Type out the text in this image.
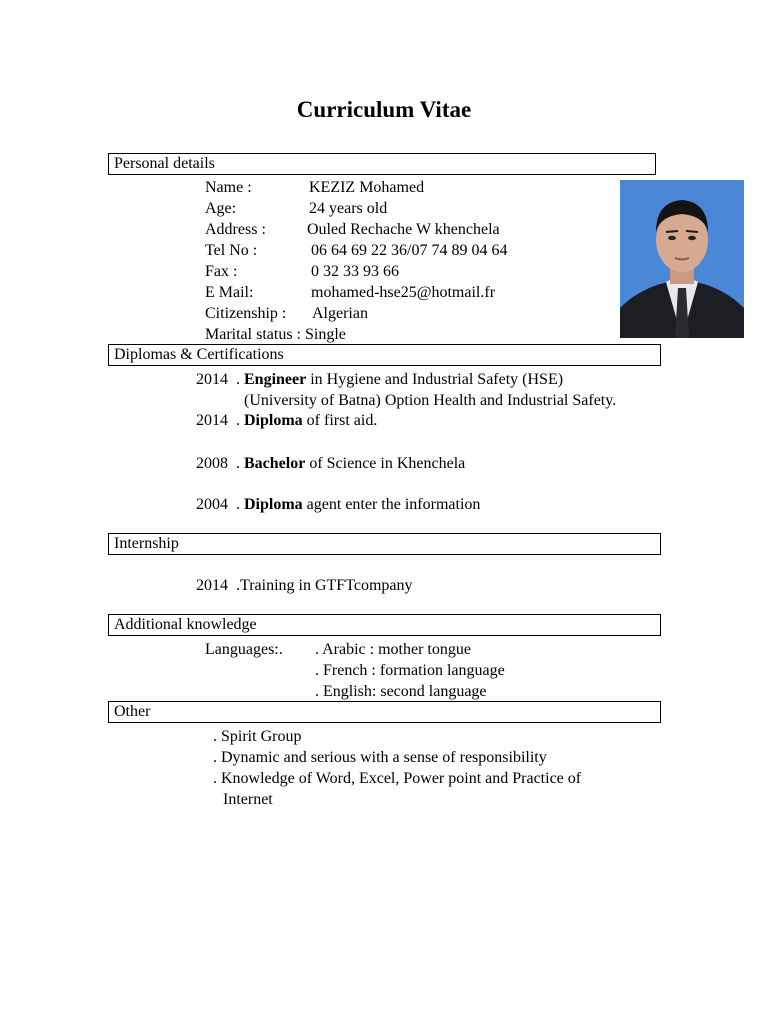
Curriculum Vitae
Personal details
Name :	KEZIZ Mohamed
Age:	24 years old
Address :	Ouled Rechache W khenchela
Tel No :	06 64 69 22 36/07 74 89 04 64
Fax :	0 32 33 93 66
E Mail:	mohamed-hse25@hotmail.fr
Citizenship : Algerian
Marital status : Single
Diplomas & Certifications
2014  . Engineer in Hygiene and Industrial Safety (HSE)
(University of Batna) Option Health and Industrial Safety.
2014  . Diploma of first aid.
2008  . Bachelor of Science in Khenchela
2004  . Diploma agent enter the information
Internship
2014 .Training in GTFTcompany
Additional knowledge
Languages:. . Arabic : mother tongue
. French : formation language
. English: second language
Other
. Spirit Group
. Dynamic and serious with a sense of responsibility
. Knowledge of Word, Excel, Power point and Practice of
Internet
